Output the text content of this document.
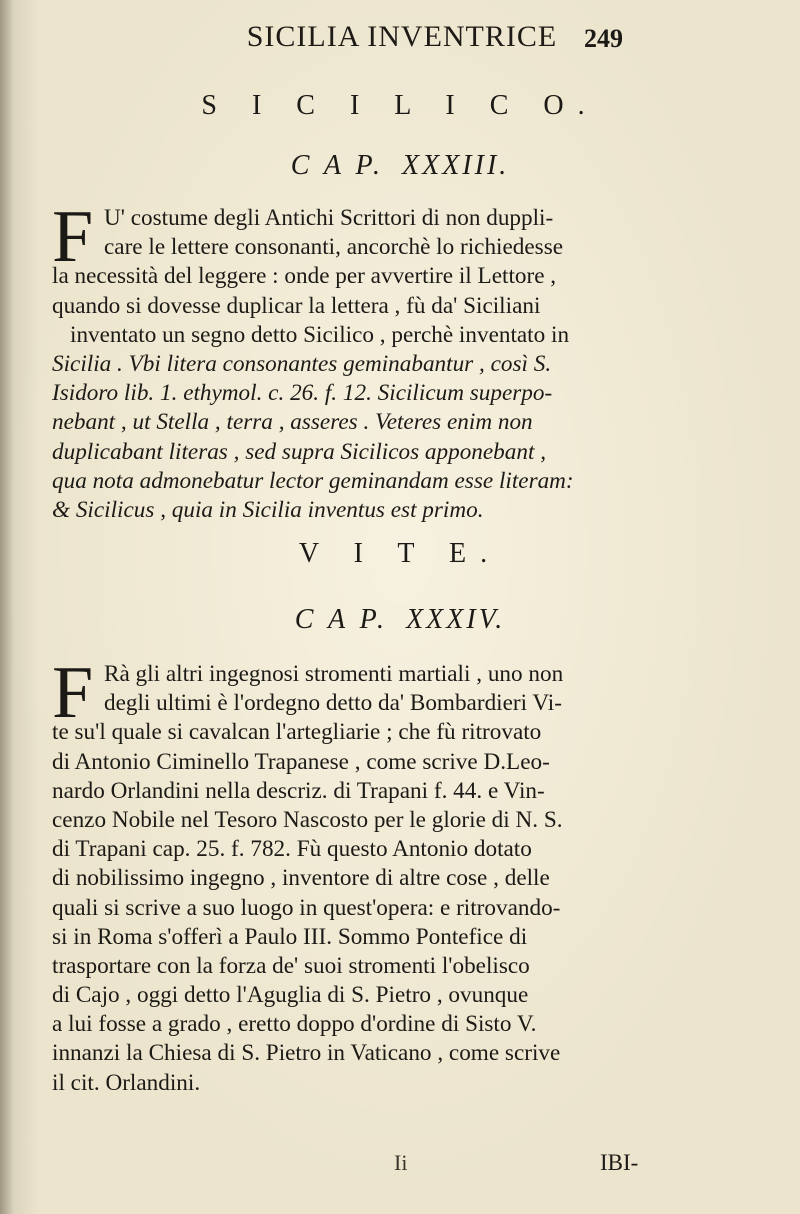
SICILIA INVENTRICE	249
S I C I L I C O.
C A P. XXXIII.
F U' costume degli Antichi Scrittori di non duppli-
care le lettere consonanti, ancorchè lo richiedesse
la necessità del leggere : onde per avvertire il Lettore ,
quando si dovesse duplicar la lettera , fù da' Siciliani
inventato un segno detto Sicilico , perchè inventato in
Sicilia . Vbi litera consonantes geminabantur , così S.
Isidoro lib. 1. ethymol. c. 26. f. 12. Sicilicum superpo-
nebant , ut Stella , terra , asseres . Veteres enim non
duplicabant literas , sed supra Sicilicos apponebant ,
qua nota admonebatur lector geminandam esse literam:
& Sicilicus , quia in Sicilia inventus est primo.
V I T E.
C A P. XXXIV.
F Rà gli altri ingegnosi stromenti martiali , uno non
degli ultimi è l'ordegno detto da' Bombardieri Vi-
te su'l quale si cavalcan l'artegliarie ; che fù ritrovato
di Antonio Ciminello Trapanese , come scrive D.Leo-
nardo Orlandini nella descriz. di Trapani f. 44. e Vin-
cenzo Nobile nel Tesoro Nascosto per le glorie di N. S.
di Trapani cap. 25. f. 782. Fù questo Antonio dotato
di nobilissimo ingegno , inventore di altre cose , delle
quali si scrive a suo luogo in quest'opera: e ritrovando-
si in Roma s'offerì a Paulo III. Sommo Pontefice di
trasportare con la forza de' suoi stromenti l'obelisco
di Cajo , oggi detto l'Aguglia di S. Pietro , ovunque
a lui fosse a grado , eretto doppo d'ordine di Sisto V.
innanzi la Chiesa di S. Pietro in Vaticano , come scrive
il cit. Orlandini.
Ii	IBI-
